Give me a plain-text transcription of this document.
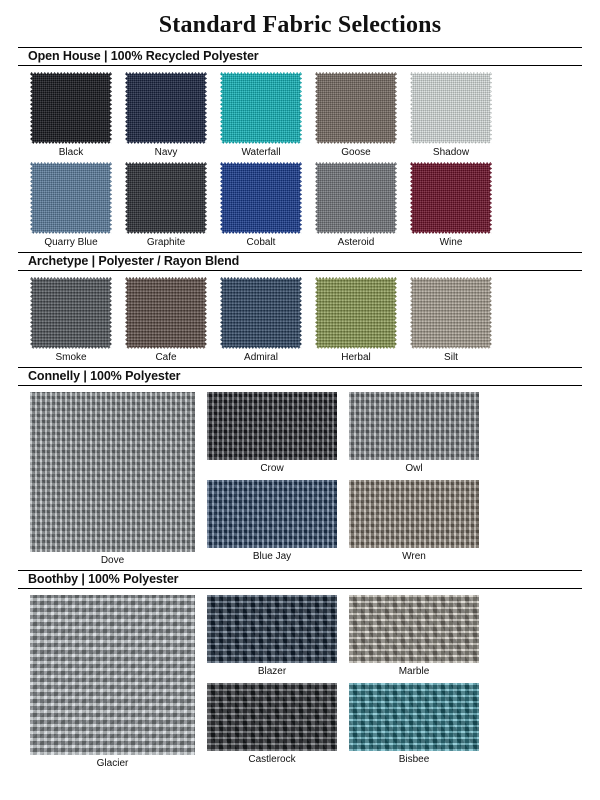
Standard Fabric Selections
Open House | 100% Recycled Polyester
Black	Navy	Waterfall	Goose	Shadow
Quarry Blue	Graphite	Cobalt	Asteroid	Wine
Archetype | Polyester / Rayon Blend
Smoke	Cafe	Admiral	Herbal	Silt
Connelly | 100% Polyester
Dove
Crow	Owl
Blue Jay	Wren
Boothby | 100% Polyester
Glacier
Blazer	Marble
Castlerock	Bisbee
